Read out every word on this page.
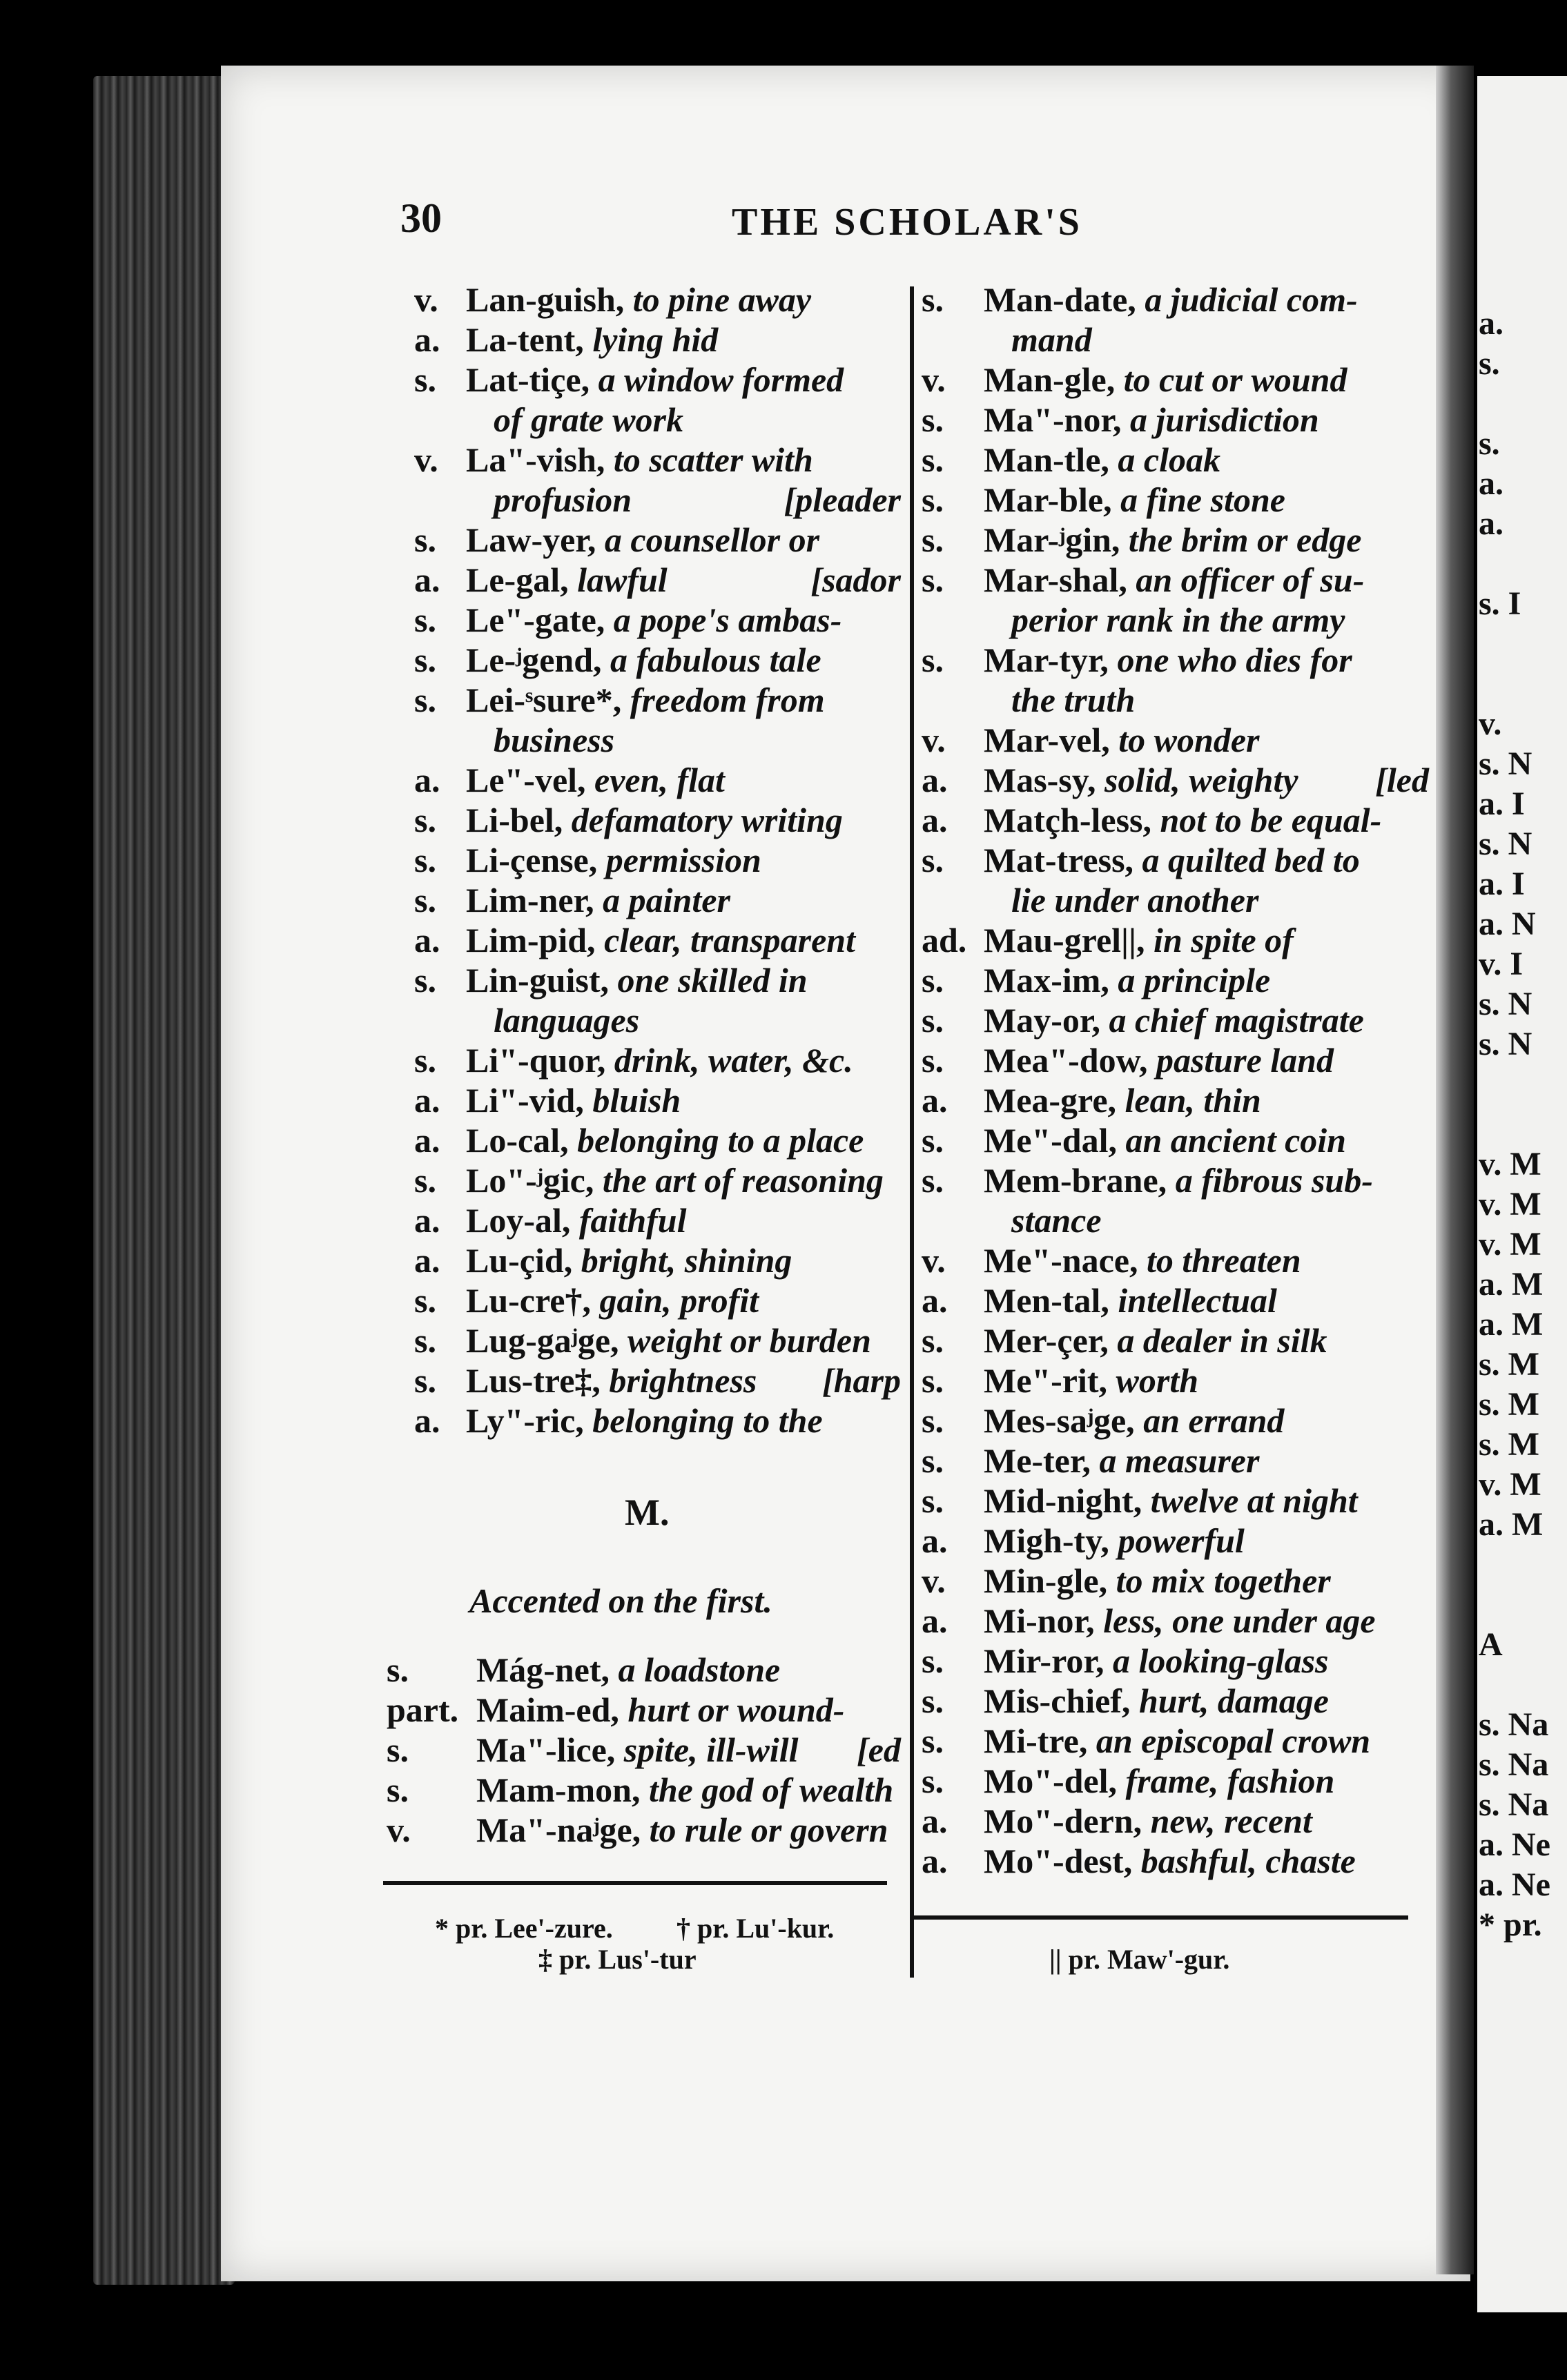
a.
s.
s.
a.
a.
s. I
v.
s. N
a. I
s. N
a. I
a. N
v. I
s. N
s. N
v. M
v. M
v. M
a. M
a. M
s. M
s. M
s. M
v. M
a. M
A
s. Na
s. Na
s. Na
a. Ne
a. Ne
* pr.
30	THE SCHOLAR'S
v. Lan-guish, to pine away
a. La-tent, lying hid
s. Lat-tiçe, a window formed
of grate work
v. La"-vish, to scatter with
profusion	[pleader
s. Law-yer, a counsellor or
a. Le-gal, lawful	[sador
s. Le"-gate, a pope's ambas-
s. Le-ʲgend, a fabulous tale
s. Lei-ˢsure*, freedom from
business
a. Le"-vel, even, flat
s. Li-bel, defamatory writing
s. Li-çense, permission
s. Lim-ner, a painter
a. Lim-pid, clear, transparent
s. Lin-guist, one skilled in
languages
s. Li"-quor, drink, water, &c.
a. Li"-vid, bluish
a. Lo-cal, belonging to a place
s. Lo"-ʲgic, the art of reasoning
a. Loy-al, faithful
a. Lu-çid, bright, shining
s. Lu-cre†, gain, profit
s. Lug-gaʲge, weight or burden
s. Lus-tre‡, brightness [harp
a. Ly"-ric, belonging to the
M.
Accented on the first.
s. Mág-net, a loadstone
part. Maim-ed, hurt or wound-
s. Ma"-lice, spite, ill-will [ed
s. Mam-mon, the god of wealth
v. Ma"-naʲge, to rule or govern
* pr. Lee'-zure. † pr. Lu'-kur.
‡ pr. Lus'-tur
s. Man-date, a judicial com-
mand
v. Man-gle, to cut or wound
s. Ma"-nor, a jurisdiction
s. Man-tle, a cloak
s. Mar-ble, a fine stone
s. Mar-ʲgin, the brim or edge
s. Mar-shal, an officer of su-
perior rank in the army
s. Mar-tyr, one who dies for
the truth
v. Mar-vel, to wonder
a. Mas-sy, solid, weighty [led
a. Matçh-less, not to be equal-
s. Mat-tress, a quilted bed to
lie under another
ad. Mau-grel||, in spite of
s. Max-im, a principle
s. May-or, a chief magistrate
s. Mea"-dow, pasture land
a. Mea-gre, lean, thin
s. Me"-dal, an ancient coin
s. Mem-brane, a fibrous sub-
stance
v. Me"-nace, to threaten
a. Men-tal, intellectual
s. Mer-çer, a dealer in silk
s. Me"-rit, worth
s. Mes-saʲge, an errand
s. Me-ter, a measurer
s. Mid-night, twelve at night
a. Migh-ty, powerful
v. Min-gle, to mix together
a. Mi-nor, less, one under age
s. Mir-ror, a looking-glass
s. Mis-chief, hurt, damage
s. Mi-tre, an episcopal crown
s. Mo"-del, frame, fashion
a. Mo"-dern, new, recent
a. Mo"-dest, bashful, chaste
|| pr. Maw'-gur.
